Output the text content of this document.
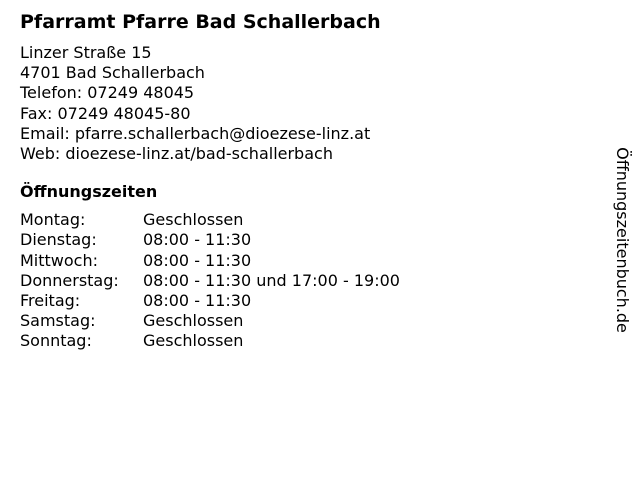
Pfarramt Pfarre Bad Schallerbach
Linzer Straße 15
4701 Bad Schallerbach
Telefon: 07249 48045
Fax: 07249 48045-80
Email: pfarre.schallerbach@dioezese-linz.at
Web: dioezese-linz.at/bad-schallerbach
Öffnungszeiten
Montag:	Geschlossen
Dienstag:	08:00 - 11:30
Mittwoch:	08:00 - 11:30
Donnerstag:	08:00 - 11:30 und 17:00 - 19:00
Freitag:	08:00 - 11:30
Samstag:	Geschlossen
Sonntag:	Geschlossen
Öffnungszeitenbuch.de
